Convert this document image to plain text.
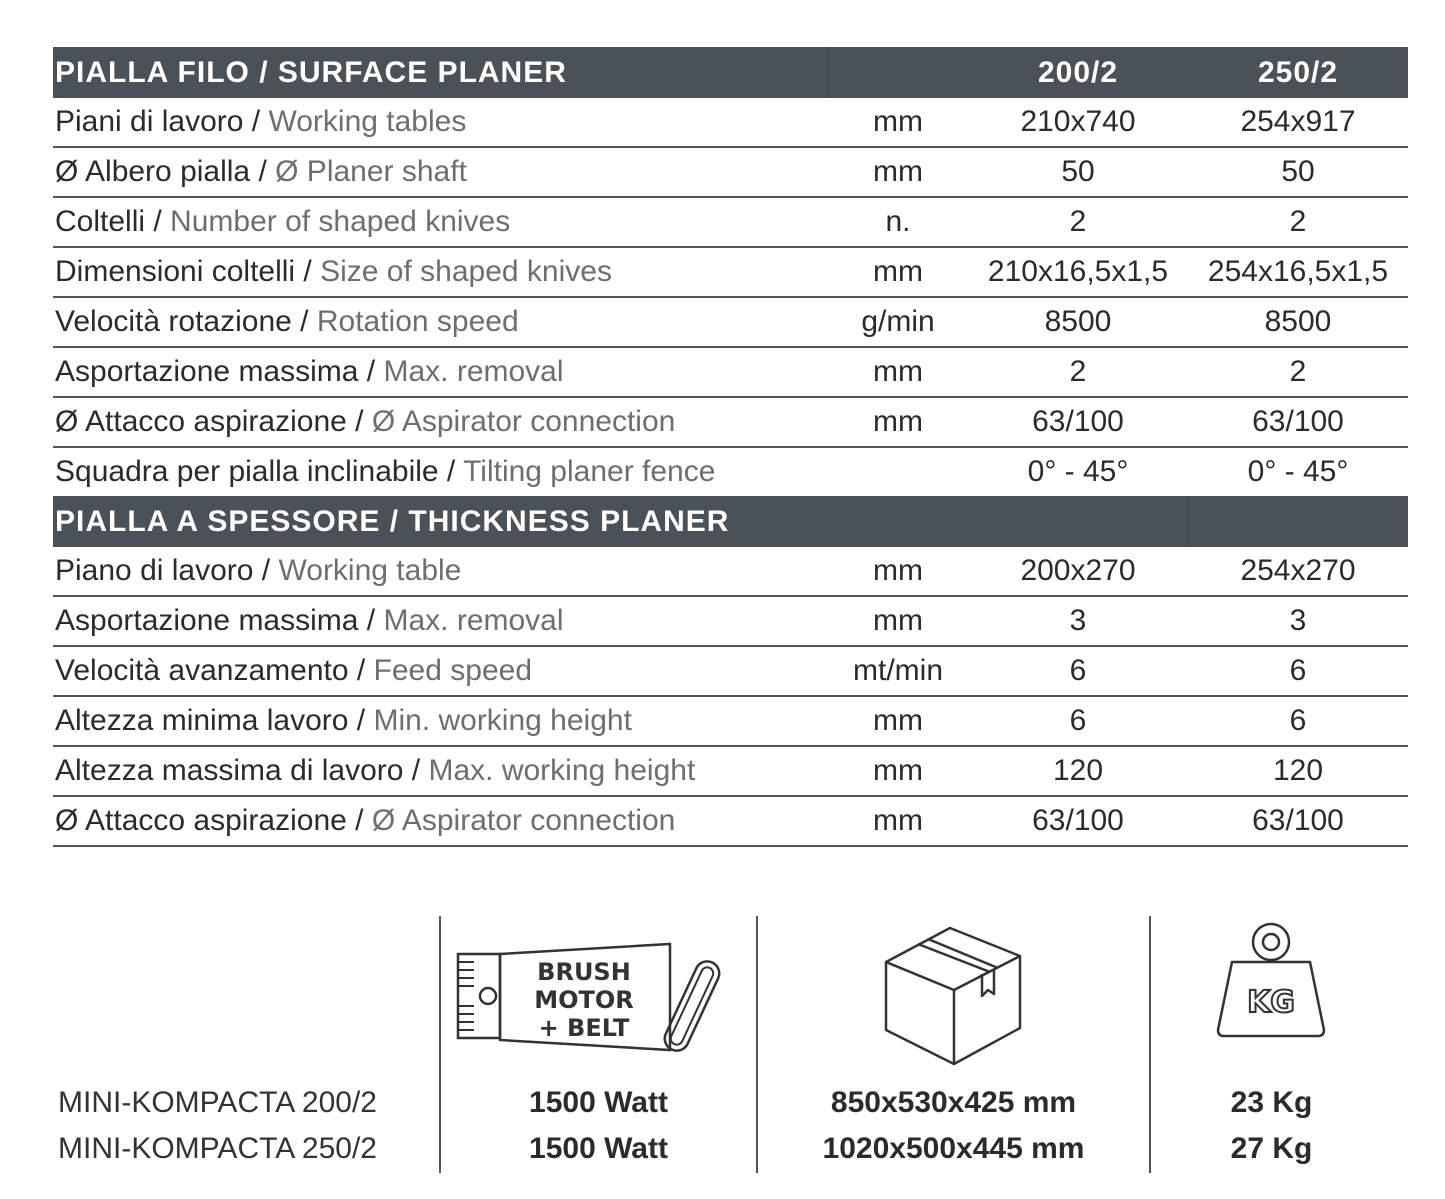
PIALLA FILO / SURFACE PLANER		200/2	250/2
Piani di lavoro / Working tables	mm	210x740	254x917
Ø Albero pialla / Ø Planer shaft	mm	50	50
Coltelli / Number of shaped knives	n.	2	2
Dimensioni coltelli / Size of shaped knives	mm	210x16,5x1,5	254x16,5x1,5
Velocità rotazione / Rotation speed	g/min	8500	8500
Asportazione massima / Max. removal	mm	2	2
Ø Attacco aspirazione / Ø Aspirator connection	mm	63/100	63/100
Squadra per pialla inclinabile / Tilting planer fence		0° - 45°	0° - 45°
PIALLA A SPESSORE / THICKNESS PLANER			
Piano di lavoro / Working table	mm	200x270	254x270
Asportazione massima / Max. removal	mm	3	3
Velocità avanzamento / Feed speed	mt/min	6	6
Altezza minima lavoro / Min. working height	mm	6	6
Altezza massima di lavoro / Max. working height	mm	120	120
Ø Attacco aspirazione / Ø Aspirator connection	mm	63/100	63/100
BRUSH
MOTOR
+ BELT
KG
MINI-KOMPACTA 200/2	1500 Watt	850x530x425 mm	23 Kg
MINI-KOMPACTA 250/2	1500 Watt	1020x500x445 mm	27 Kg
